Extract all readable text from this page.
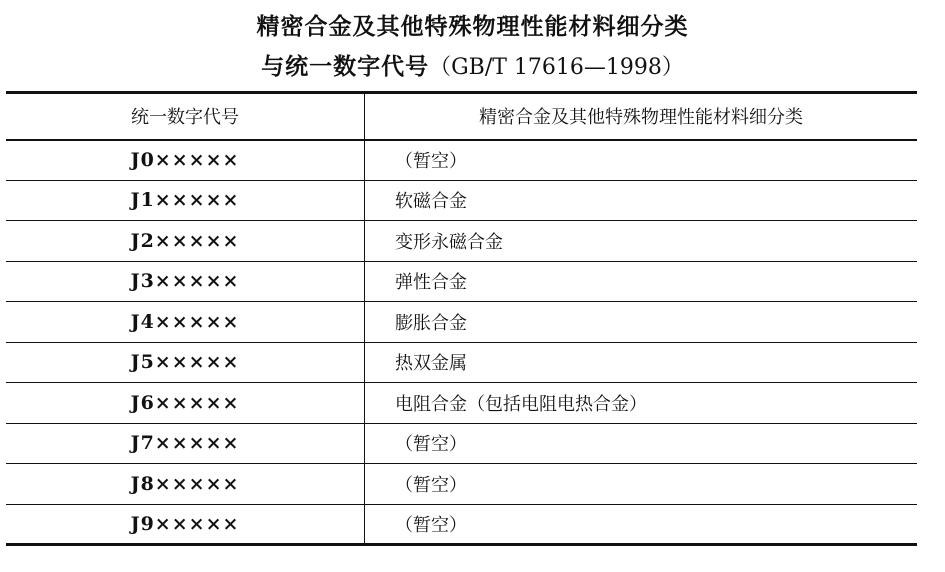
精密合金及其他特殊物理性能材料细分类
与统一数字代号（GB/T 17616—1998）
统一数字代号	精密合金及其他特殊物理性能材料细分类
J0×××××	（暂空）
J1×××××	软磁合金
J2×××××	变形永磁合金
J3×××××	弹性合金
J4×××××	膨胀合金
J5×××××	热双金属
J6×××××	电阻合金（包括电阻电热合金）
J7×××××	（暂空）
J8×××××	（暂空）
J9×××××	（暂空）
